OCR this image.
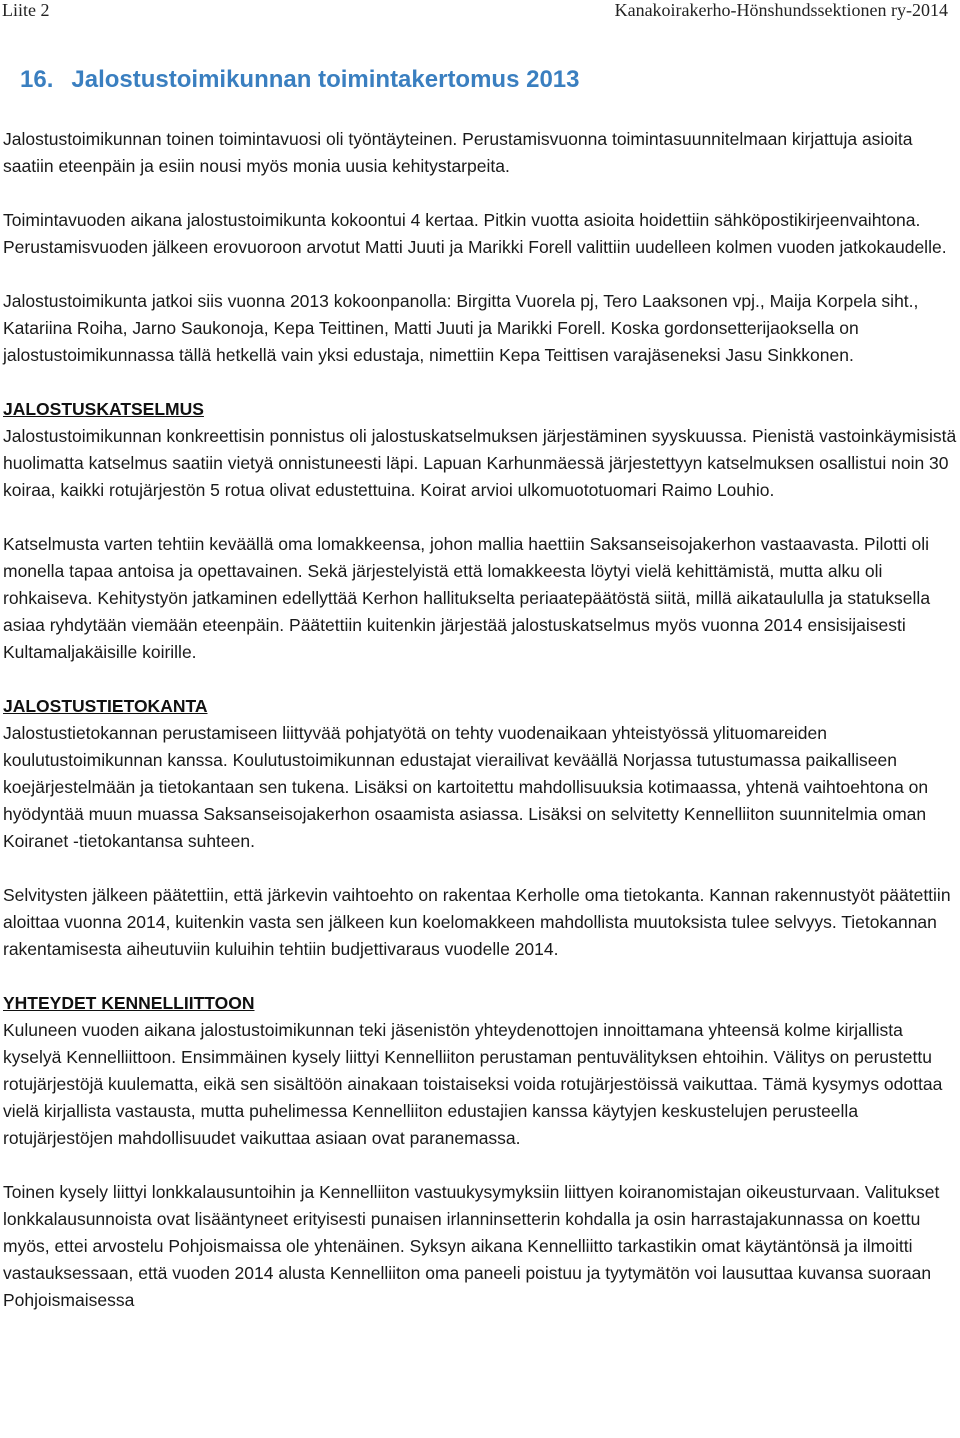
Liite 2	Kanakoirakerho-Hönshundssektionen ry-2014
16. Jalostustoimikunnan toimintakertomus 2013

Jalostustoimikunnan toinen toimintavuosi oli työntäyteinen. Perustamisvuonna toimintasuunnitelmaan kirjattuja asioita saatiin eteenpäin ja esiin nousi myös monia uusia kehitystarpeita.

Toimintavuoden aikana jalostustoimikunta kokoontui 4 kertaa. Pitkin vuotta asioita hoidettiin sähköpostikirjeenvaihtona. Perustamisvuoden jälkeen erovuoroon arvotut Matti Juuti ja Marikki Forell valittiin uudelleen kolmen vuoden jatkokaudelle.

Jalostustoimikunta jatkoi siis vuonna 2013 kokoonpanolla: Birgitta Vuorela pj, Tero Laaksonen vpj., Maija Korpela siht., Katariina Roiha, Jarno Saukonoja, Kepa Teittinen, Matti Juuti ja Marikki Forell. Koska gordonsetterijaoksella on jalostustoimikunnassa tällä hetkellä vain yksi edustaja, nimettiin Kepa Teittisen varajäseneksi Jasu Sinkkonen.

JALOSTUSKATSELMUS

Jalostustoimikunnan konkreettisin ponnistus oli jalostuskatselmuksen järjestäminen syyskuussa. Pienistä vastoinkäymisistä huolimatta katselmus saatiin vietyä onnistuneesti läpi. Lapuan Karhunmäessä järjestettyyn katselmuksen osallistui noin 30 koiraa, kaikki rotujärjestön 5 rotua olivat edustettuina. Koirat arvioi ulkomuototuomari Raimo Louhio.

Katselmusta varten tehtiin keväällä oma lomakkeensa, johon mallia haettiin Saksanseisojakerhon vastaavasta. Pilotti oli monella tapaa antoisa ja opettavainen. Sekä järjestelyistä että lomakkeesta löytyi vielä kehittämistä, mutta alku oli rohkaiseva. Kehitystyön jatkaminen edellyttää Kerhon hallitukselta periaatepäätöstä siitä, millä aikataululla ja statuksella asiaa ryhdytään viemään eteenpäin. Päätettiin kuitenkin järjestää jalostuskatselmus myös vuonna 2014 ensisijaisesti Kultamaljakäisille koirille.

JALOSTUSTIETOKANTA

Jalostustietokannan perustamiseen liittyvää pohjatyötä on tehty vuodenaikaan yhteistyössä ylituomareiden koulutustoimikunnan kanssa. Koulutustoimikunnan edustajat vierailivat keväällä Norjassa tutustumassa paikalliseen koejärjestelmään ja tietokantaan sen tukena. Lisäksi on kartoitettu mahdollisuuksia kotimaassa, yhtenä vaihtoehtona on hyödyntää muun muassa Saksanseisojakerhon osaamista asiassa. Lisäksi on selvitetty Kennelliiton suunnitelmia oman Koiranet -tietokantansa suhteen.

Selvitysten jälkeen päätettiin, että järkevin vaihtoehto on rakentaa Kerholle oma tietokanta. Kannan rakennustyöt päätettiin aloittaa vuonna 2014, kuitenkin vasta sen jälkeen kun koelomakkeen mahdollista muutoksista tulee selvyys. Tietokannan rakentamisesta aiheutuviin kuluihin tehtiin budjettivaraus vuodelle 2014.

YHTEYDET KENNELLIITTOON

Kuluneen vuoden aikana jalostustoimikunnan teki jäsenistön yhteydenottojen innoittamana yhteensä kolme kirjallista kyselyä Kennelliittoon. Ensimmäinen kysely liittyi Kennelliiton perustaman pentuvälityksen ehtoihin. Välitys on perustettu rotujärjestöjä kuulematta, eikä sen sisältöön ainakaan toistaiseksi voida rotujärjestöissä vaikuttaa. Tämä kysymys odottaa vielä kirjallista vastausta, mutta puhelimessa Kennelliiton edustajien kanssa käytyjen keskustelujen perusteella rotujärjestöjen mahdollisuudet vaikuttaa asiaan ovat paranemassa.

Toinen kysely liittyi lonkkalausuntoihin ja Kennelliiton vastuukysymyksiin liittyen koiranomistajan oikeusturvaan. Valitukset lonkkalausunnoista ovat lisääntyneet erityisesti punaisen irlanninsetterin kohdalla ja osin harrastajakunnassa on koettu myös, ettei arvostelu Pohjoismaissa ole yhtenäinen. Syksyn aikana Kennelliitto tarkastikin omat käytäntönsä ja ilmoitti vastauksessaan, että vuoden 2014 alusta Kennelliiton oma paneeli poistuu ja tyytymätön voi lausuttaa kuvansa suoraan Pohjoismaisessa
